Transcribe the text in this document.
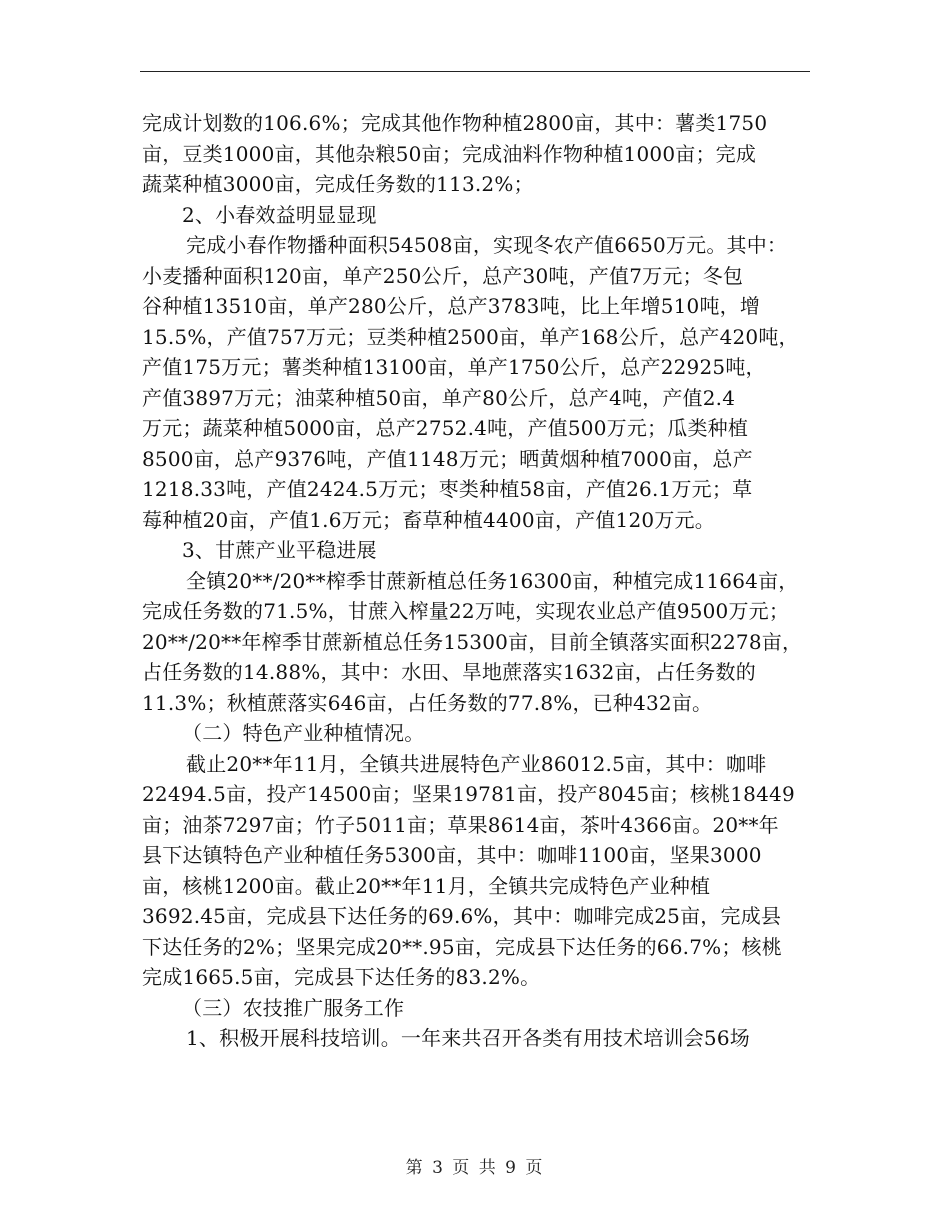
完成计划数的106.6%；完成其他作物种植2800亩，其中：薯类1750
亩，豆类1000亩，其他杂粮50亩；完成油料作物种植1000亩；完成
蔬菜种植3000亩，完成任务数的113.2%；
2、小春效益明显显现
完成小春作物播种面积54508亩，实现冬农产值6650万元。其中：
小麦播种面积120亩，单产250公斤，总产30吨，产值7万元；冬包
谷种植13510亩，单产280公斤，总产3783吨，比上年增510吨，增
15.5%，产值757万元；豆类种植2500亩，单产168公斤，总产420吨，
产值175万元；薯类种植13100亩，单产1750公斤，总产22925吨，
产值3897万元；油菜种植50亩，单产80公斤，总产4吨，产值2.4
万元；蔬菜种植5000亩，总产2752.4吨，产值500万元；瓜类种植
8500亩，总产9376吨，产值1148万元；晒黄烟种植7000亩，总产
1218.33吨，产值2424.5万元；枣类种植58亩，产值26.1万元；草
莓种植20亩，产值1.6万元；畜草种植4400亩，产值120万元。
3、甘蔗产业平稳进展
全镇20**/20**榨季甘蔗新植总任务16300亩，种植完成11664亩，
完成任务数的71.5%，甘蔗入榨量22万吨，实现农业总产值9500万元；
20**/20**年榨季甘蔗新植总任务15300亩，目前全镇落实面积2278亩，
占任务数的14.88%，其中：水田、旱地蔗落实1632亩，占任务数的
11.3%；秋植蔗落实646亩，占任务数的77.8%，已种432亩。
（二）特色产业种植情况。
截止20**年11月，全镇共进展特色产业86012.5亩，其中：咖啡
22494.5亩，投产14500亩；坚果19781亩，投产8045亩；核桃18449
亩；油茶7297亩；竹子5011亩；草果8614亩，茶叶4366亩。20**年
县下达镇特色产业种植任务5300亩，其中：咖啡1100亩，坚果3000
亩，核桃1200亩。截止20**年11月，全镇共完成特色产业种植
3692.45亩，完成县下达任务的69.6%，其中：咖啡完成25亩，完成县
下达任务的2%；坚果完成20**.95亩，完成县下达任务的66.7%；核桃
完成1665.5亩，完成县下达任务的83.2%。
（三）农技推广服务工作
1、积极开展科技培训。一年来共召开各类有用技术培训会56场
第 3 页 共 9 页
